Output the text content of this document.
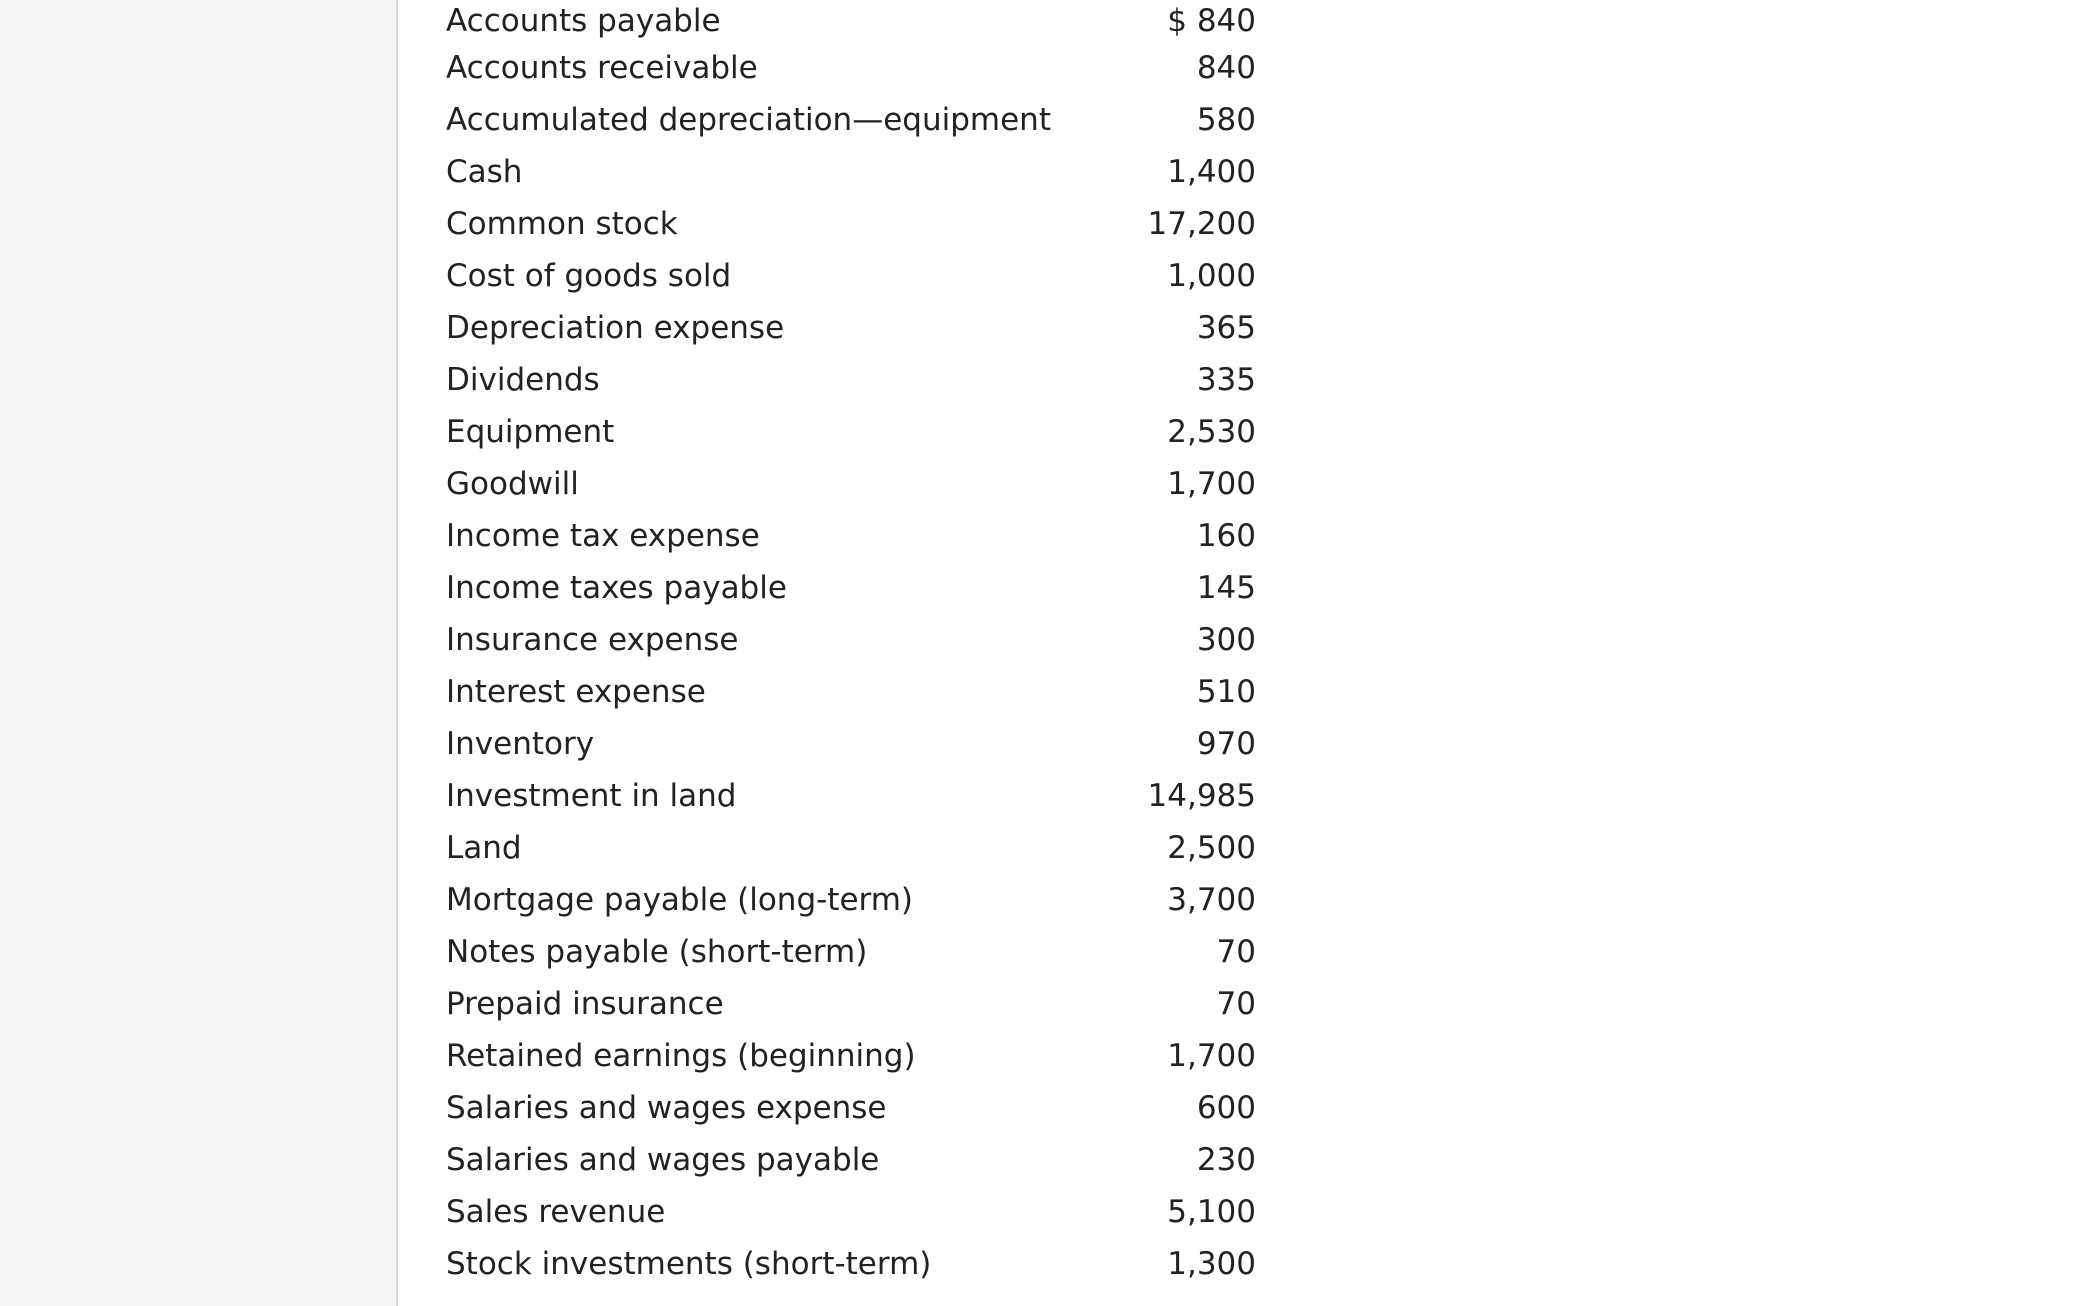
Accounts payable	$ 840
Accounts receivable	840
Accumulated depreciation—equipment	580
Cash	1,400
Common stock	17,200
Cost of goods sold	1,000
Depreciation expense	365
Dividends	335
Equipment	2,530
Goodwill	1,700
Income tax expense	160
Income taxes payable	145
Insurance expense	300
Interest expense	510
Inventory	970
Investment in land	14,985
Land	2,500
Mortgage payable (long-term)	3,700
Notes payable (short-term)	70
Prepaid insurance	70
Retained earnings (beginning)	1,700
Salaries and wages expense	600
Salaries and wages payable	230
Sales revenue	5,100
Stock investments (short-term)	1,300
